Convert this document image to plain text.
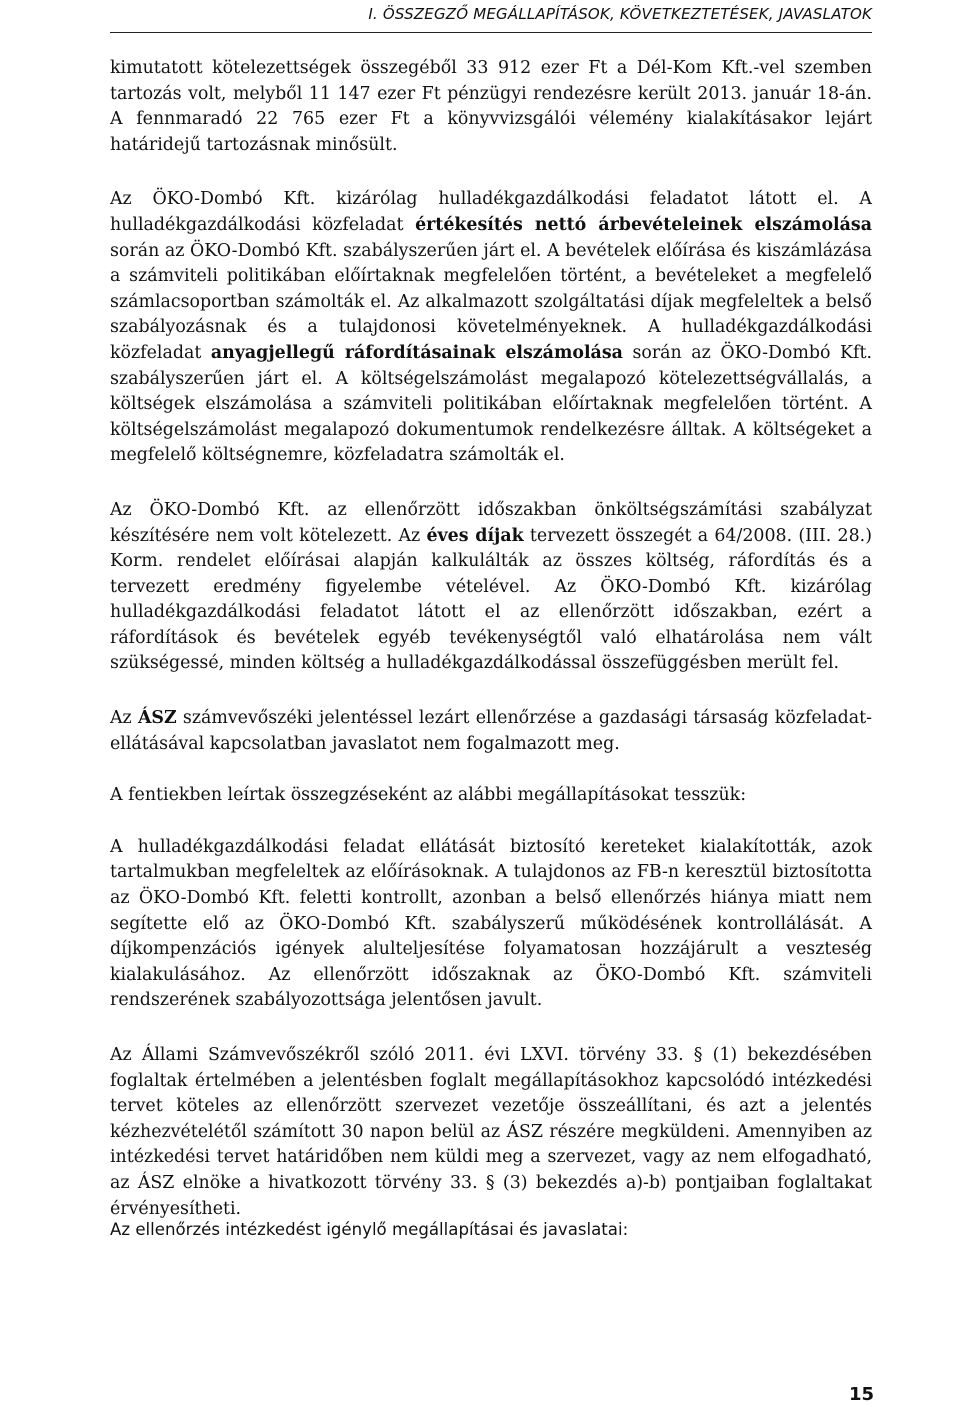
I. ÖSSZEGZŐ MEGÁLLAPÍTÁSOK, KÖVETKEZTETÉSEK, JAVASLATOK

kimutatott kötelezettségek összegéből 33 912 ezer Ft a Dél-Kom Kft.-vel szemben tartozás volt, melyből 11 147 ezer Ft pénzügyi rendezésre került 2013. január 18-án. A fennmaradó 22 765 ezer Ft a könyvvizsgálói vélemény kialakításakor lejárt határidejű tartozásnak minősült.

Az ÖKO-Dombó Kft. kizárólag hulladékgazdálkodási feladatot látott el. A hulladékgazdálkodási közfeladat értékesítés nettó árbevételeinek elszámolása során az ÖKO-Dombó Kft. szabályszerűen járt el. A bevételek előírása és kiszámlázása a számviteli politikában előírtaknak megfelelően történt, a bevételeket a megfelelő számlacsoportban számolták el. Az alkalmazott szolgáltatási díjak megfeleltek a belső szabályozásnak és a tulajdonosi követelményeknek. A hulladékgazdálkodási közfeladat anyagjellegű ráfordításainak elszámolása során az ÖKO-Dombó Kft. szabályszerűen járt el. A költségelszámolást megalapozó kötelezettségvállalás, a költségek elszámolása a számviteli politikában előírtaknak megfelelően történt. A költségelszámolást megalapozó dokumentumok rendelkezésre álltak. A költségeket a megfelelő költségnemre, közfeladatra számolták el.

Az ÖKO-Dombó Kft. az ellenőrzött időszakban önköltségszámítási szabályzat készítésére nem volt kötelezett. Az éves díjak tervezett összegét a 64/2008. (III. 28.) Korm. rendelet előírásai alapján kalkulálták az összes költség, ráfordítás és a tervezett eredmény figyelembe vételével. Az ÖKO-Dombó Kft. kizárólag hulladékgazdálkodási feladatot látott el az ellenőrzött időszakban, ezért a ráfordítások és bevételek egyéb tevékenységtől való elhatárolása nem vált szükségessé, minden költség a hulladékgazdálkodással összefüggésben merült fel.

Az ÁSZ számvevőszéki jelentéssel lezárt ellenőrzése a gazdasági társaság közfeladat-ellátásával kapcsolatban javaslatot nem fogalmazott meg.

A fentiekben leírtak összegzéseként az alábbi megállapításokat tesszük:

A hulladékgazdálkodási feladat ellátását biztosító kereteket kialakították, azok tartalmukban megfeleltek az előírásoknak. A tulajdonos az FB-n keresztül biztosította az ÖKO-Dombó Kft. feletti kontrollt, azonban a belső ellenőrzés hiánya miatt nem segítette elő az ÖKO-Dombó Kft. szabályszerű működésének kontrollálását. A díjkompenzációs igények alulteljesítése folyamatosan hozzájárult a veszteség kialakulásához. Az ellenőrzött időszaknak az ÖKO-Dombó Kft. számviteli rendszerének szabályozottsága jelentősen javult.

Az Állami Számvevőszékről szóló 2011. évi LXVI. törvény 33. § (1) bekezdésében foglaltak értelmében a jelentésben foglalt megállapításokhoz kapcsolódó intézkedési tervet köteles az ellenőrzött szervezet vezetője összeállítani, és azt a jelentés kézhezvételétől számított 30 napon belül az ÁSZ részére megküldeni. Amennyiben az intézkedési tervet határidőben nem küldi meg a szervezet, vagy az nem elfogadható, az ÁSZ elnöke a hivatkozott törvény 33. § (3) bekezdés a)-b) pontjaiban foglaltakat érvényesítheti.

Az ellenőrzés intézkedést igénylő megállapításai és javaslatai:
15
